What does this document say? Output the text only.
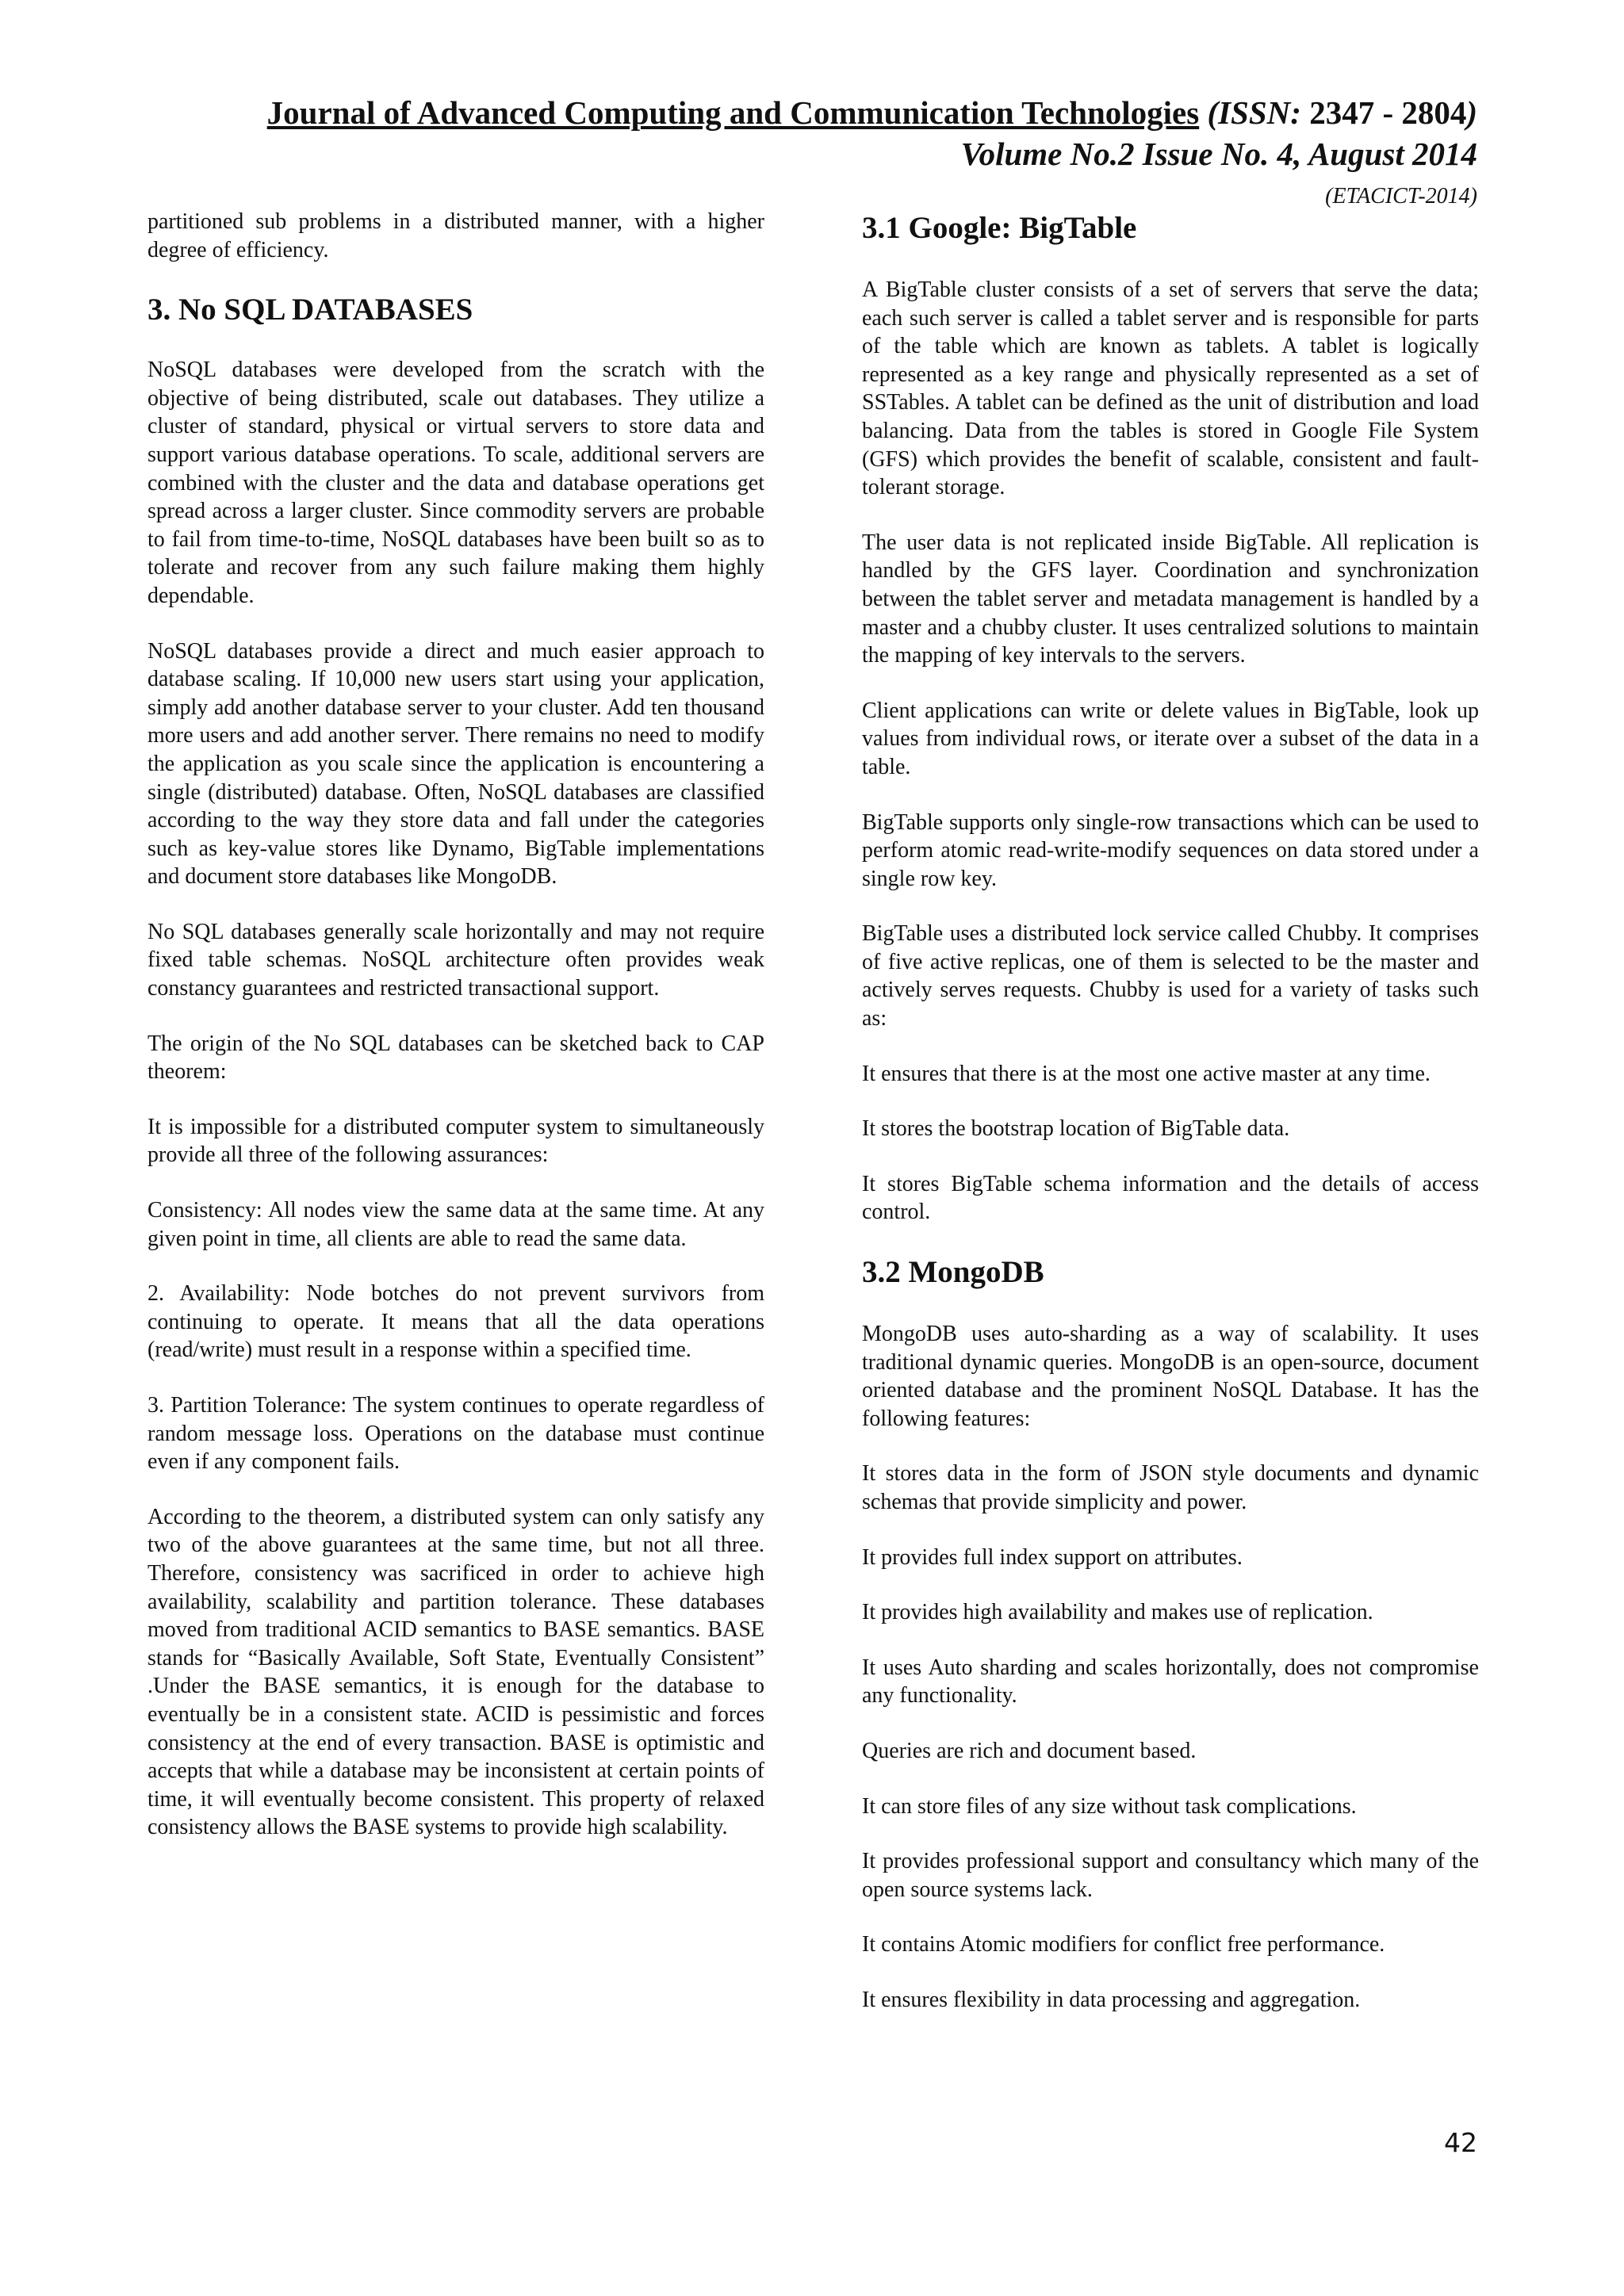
Journal of Advanced Computing and Communication Technologies (ISSN: 2347 - 2804)
Volume No.2 Issue No. 4, August 2014
(ETACICT-2014)

partitioned sub problems in a distributed manner, with a higher degree of efficiency.

3. No SQL DATABASES

NoSQL databases were developed from the scratch with the objective of being distributed, scale out databases. They utilize a cluster of standard, physical or virtual servers to store data and support various database operations. To scale, additional servers are combined with the cluster and the data and database operations get spread across a larger cluster. Since commodity servers are probable to fail from time-to-time, NoSQL databases have been built so as to tolerate and recover from any such failure making them highly dependable.

NoSQL databases provide a direct and much easier approach to database scaling. If 10,000 new users start using your application, simply add another database server to your cluster. Add ten thousand more users and add another server. There remains no need to modify the application as you scale since the application is encountering a single (distributed) database. Often, NoSQL databases are classified according to the way they store data and fall under the categories such as key-value stores like Dynamo, BigTable implementations and document store databases like MongoDB.

No SQL databases generally scale horizontally and may not require fixed table schemas. NoSQL architecture often provides weak constancy guarantees and restricted transactional support.

The origin of the No SQL databases can be sketched back to CAP theorem:

It is impossible for a distributed computer system to simultaneously provide all three of the following assurances:

Consistency: All nodes view the same data at the same time. At any given point in time, all clients are able to read the same data.

2. Availability: Node botches do not prevent survivors from continuing to operate. It means that all the data operations (read/write) must result in a response within a specified time.

3. Partition Tolerance: The system continues to operate regardless of random message loss. Operations on the database must continue even if any component fails.

According to the theorem, a distributed system can only satisfy any two of the above guarantees at the same time, but not all three. Therefore, consistency was sacrificed in order to achieve high availability, scalability and partition tolerance. These databases moved from traditional ACID semantics to BASE semantics. BASE stands for “Basically Available, Soft State, Eventually Consistent” .Under the BASE semantics, it is enough for the database to eventually be in a consistent state. ACID is pessimistic and forces consistency at the end of every transaction. BASE is optimistic and accepts that while a database may be inconsistent at certain points of time, it will eventually become consistent. This property of relaxed consistency allows the BASE systems to provide high scalability.

3.1 Google: BigTable

A BigTable cluster consists of a set of servers that serve the data; each such server is called a tablet server and is responsible for parts of the table which are known as tablets. A tablet is logically represented as a key range and physically represented as a set of SSTables. A tablet can be defined as the unit of distribution and load balancing. Data from the tables is stored in Google File System (GFS) which provides the benefit of scalable, consistent and fault-tolerant storage.

The user data is not replicated inside BigTable. All replication is handled by the GFS layer. Coordination and synchronization between the tablet server and metadata management is handled by a master and a chubby cluster. It uses centralized solutions to maintain the mapping of key intervals to the servers.

Client applications can write or delete values in BigTable, look up values from individual rows, or iterate over a subset of the data in a table.

BigTable supports only single-row transactions which can be used to perform atomic read-write-modify sequences on data stored under a single row key.

BigTable uses a distributed lock service called Chubby. It comprises of five active replicas, one of them is selected to be the master and actively serves requests. Chubby is used for a variety of tasks such as:

It ensures that there is at the most one active master at any time.

It stores the bootstrap location of BigTable data.

It stores BigTable schema information and the details of access control.

3.2 MongoDB

MongoDB uses auto-sharding as a way of scalability. It uses traditional dynamic queries. MongoDB is an open-source, document oriented database and the prominent NoSQL Database. It has the following features:

It stores data in the form of JSON style documents and dynamic schemas that provide simplicity and power.

It provides full index support on attributes.

It provides high availability and makes use of replication.

It uses Auto sharding and scales horizontally, does not compromise any functionality.

Queries are rich and document based.

It can store files of any size without task complications.

It provides professional support and consultancy which many of the open source systems lack.

It contains Atomic modifiers for conflict free performance.

It ensures flexibility in data processing and aggregation.

42
